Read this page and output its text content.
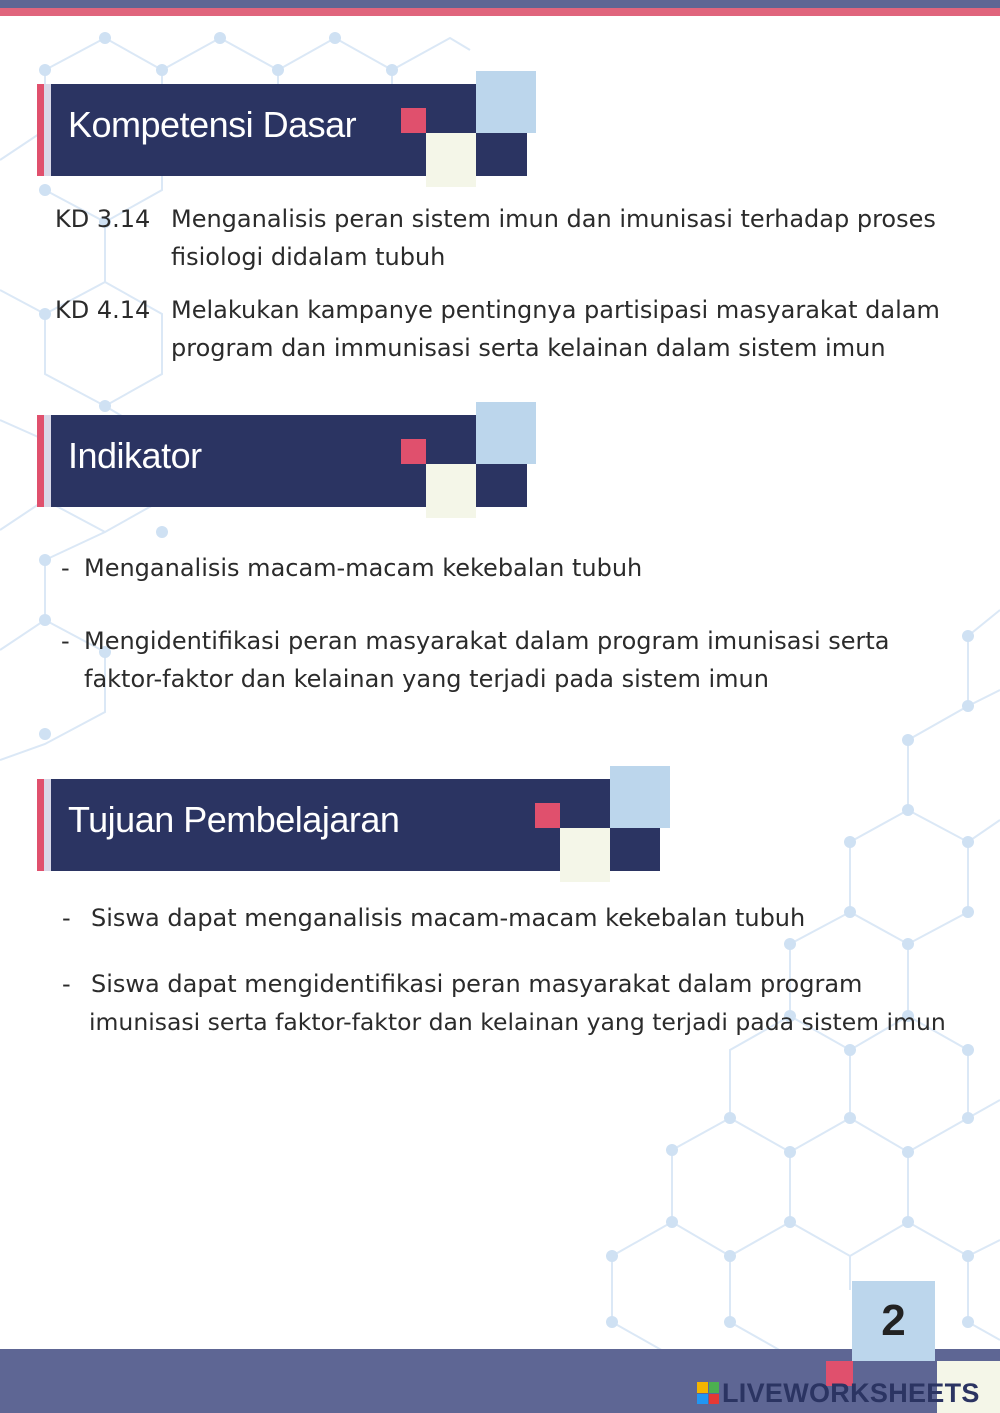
Kompetensi Dasar
KD 3.14 Menganalisis peran sistem imun dan imunisasi terhadap proses
fisiologi didalam tubuh
KD 4.14 Melakukan kampanye pentingnya partisipasi masyarakat dalam
program dan immunisasi serta kelainan dalam sistem imun
Indikator
- Menganalisis macam-macam kekebalan tubuh
- Mengidentifikasi peran masyarakat dalam program imunisasi serta
faktor-faktor dan kelainan yang terjadi pada sistem imun
Tujuan Pembelajaran
- Siswa dapat menganalisis macam-macam kekebalan tubuh
- Siswa dapat mengidentifikasi peran masyarakat dalam program
imunisasi serta faktor-faktor dan kelainan yang terjadi pada sistem imun
2
LIVEWORKSHEETS
